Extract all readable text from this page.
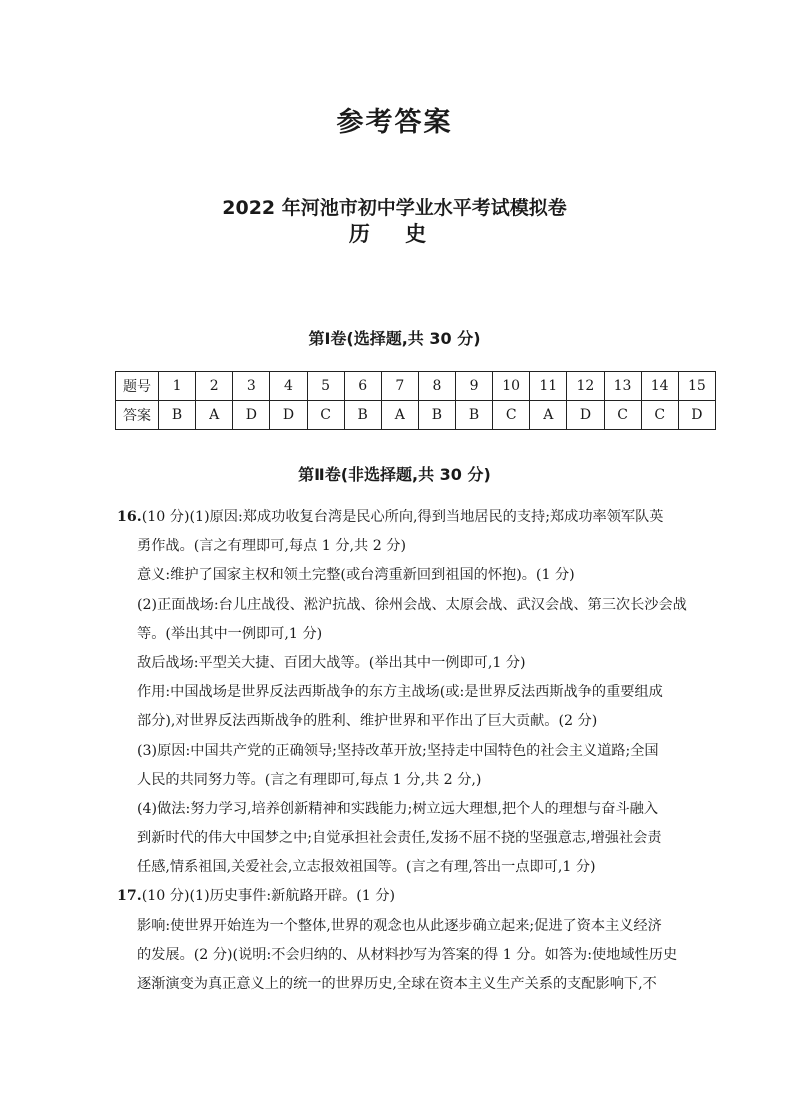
参考答案
2022 年河池市初中学业水平考试模拟卷
历 史
第Ⅰ卷(选择题,共 30 分)
题号	1	2	3	4	5	6	7	8	9	10	11	12	13	14	15
答案	B	A	D	D	C	B	A	B	B	C	A	D	C	C	D
第Ⅱ卷(非选择题,共 30 分)
16.(10 分)(1)原因:郑成功收复台湾是民心所向,得到当地居民的支持;郑成功率领军队英
勇作战。(言之有理即可,每点 1 分,共 2 分)
意义:维护了国家主权和领土完整(或台湾重新回到祖国的怀抱)。(1 分)
(2)正面战场:台儿庄战役、淞沪抗战、徐州会战、太原会战、武汉会战、第三次长沙会战
等。(举出其中一例即可,1 分)
敌后战场:平型关大捷、百团大战等。(举出其中一例即可,1 分)
作用:中国战场是世界反法西斯战争的东方主战场(或:是世界反法西斯战争的重要组成
部分),对世界反法西斯战争的胜利、维护世界和平作出了巨大贡献。(2 分)
(3)原因:中国共产党的正确领导;坚持改革开放;坚持走中国特色的社会主义道路;全国
人民的共同努力等。(言之有理即可,每点 1 分,共 2 分,)
(4)做法:努力学习,培养创新精神和实践能力;树立远大理想,把个人的理想与奋斗融入
到新时代的伟大中国梦之中;自觉承担社会责任,发扬不屈不挠的坚强意志,增强社会责
任感,情系祖国,关爱社会,立志报效祖国等。(言之有理,答出一点即可,1 分)
17.(10 分)(1)历史事件:新航路开辟。(1 分)
影响:使世界开始连为一个整体,世界的观念也从此逐步确立起来;促进了资本主义经济
的发展。(2 分)(说明:不会归纳的、从材料抄写为答案的得 1 分。如答为:使地域性历史
逐渐演变为真正意义上的统一的世界历史,全球在资本主义生产关系的支配影响下,不
